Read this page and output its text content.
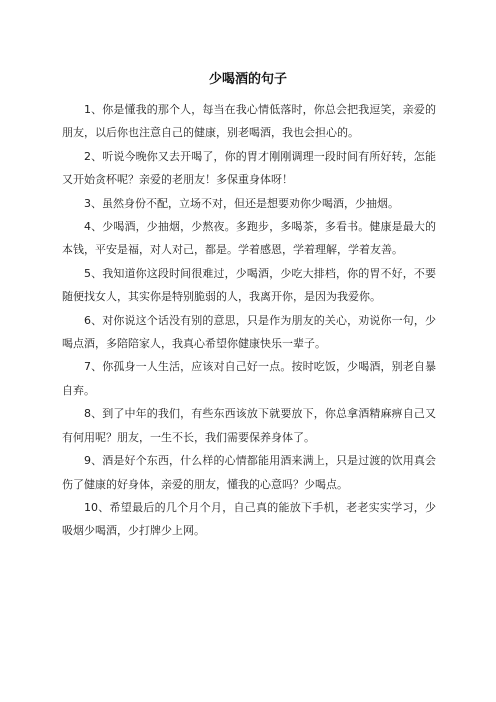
少喝酒的句子

1、你是懂我的那个人，每当在我心情低落时，你总会把我逗笑，亲爱的朋友，以后你也注意自己的健康，别老喝酒，我也会担心的。

2、听说今晚你又去开喝了，你的胃才刚刚调理一段时间有所好转，怎能又开始贪杯呢？亲爱的老朋友！多保重身体呀！

3、虽然身份不配，立场不对，但还是想要劝你少喝酒，少抽烟。

4、少喝酒，少抽烟，少熬夜。多跑步，多喝茶，多看书。健康是最大的本钱，平安是福，对人对己，都是。学着感恩，学着理解，学着友善。

5、我知道你这段时间很难过，少喝酒，少吃大排档，你的胃不好，不要随便找女人，其实你是特别脆弱的人，我离开你，是因为我爱你。

6、对你说这个话没有别的意思，只是作为朋友的关心，劝说你一句，少喝点酒，多陪陪家人，我真心希望你健康快乐一辈子。

7、你孤身一人生活，应该对自己好一点。按时吃饭，少喝酒，别老自暴自弃。

8、到了中年的我们，有些东西该放下就要放下，你总拿酒精麻痹自己又有何用呢？朋友，一生不长，我们需要保养身体了。

9、酒是好个东西，什么样的心情都能用酒来满上，只是过渡的饮用真会伤了健康的好身体，亲爱的朋友，懂我的心意吗？少喝点。

10、希望最后的几个月个月，自己真的能放下手机，老老实实学习，少吸烟少喝酒，少打牌少上网。
